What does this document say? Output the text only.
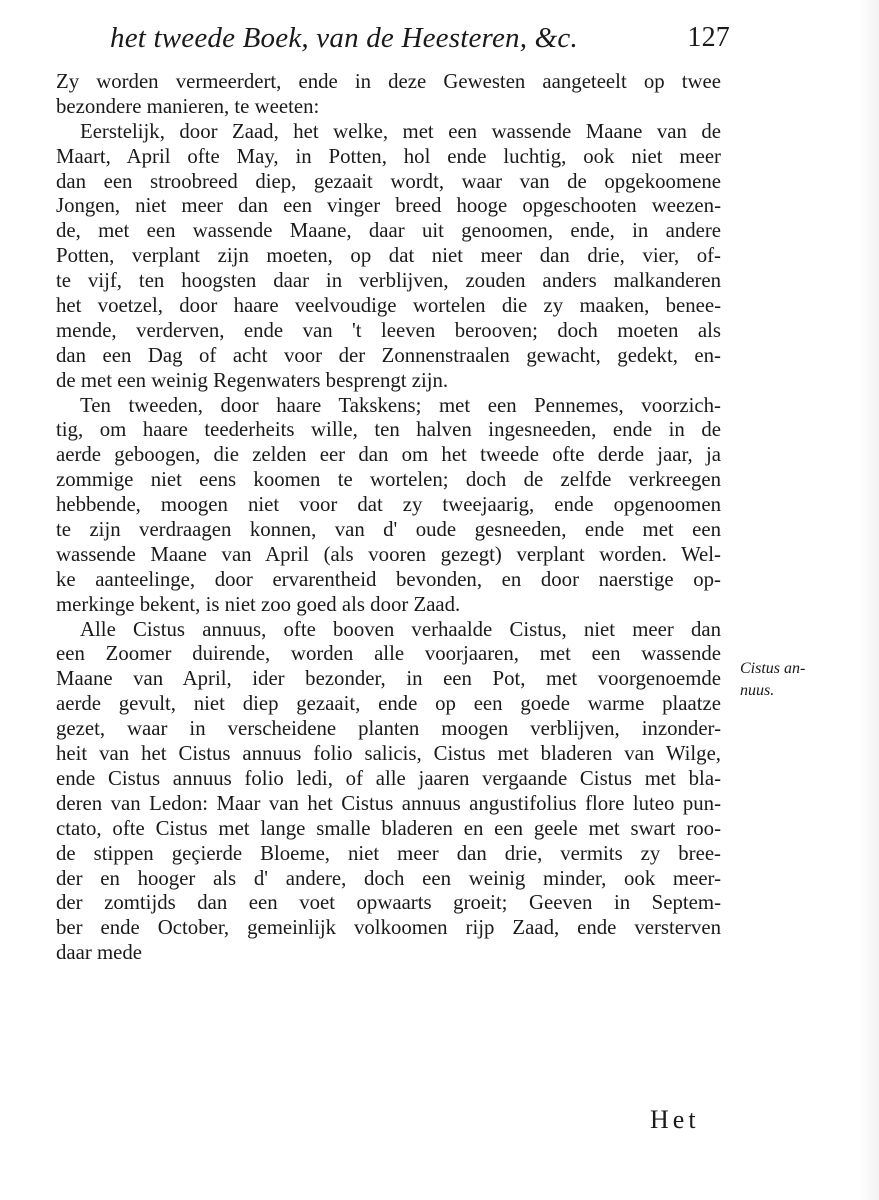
het tweede Boek, van de Heesteren, &c.	127
Zy worden vermeerdert, ende in deze Gewesten aangeteelt op twee
bezondere manieren, te weeten:
Eerstelijk, door Zaad, het welke, met een wassende Maane van de
Maart, April ofte May, in Potten, hol ende luchtig, ook niet meer
dan een stroobreed diep, gezaait wordt, waar van de opgekoomene
Jongen, niet meer dan een vinger breed hooge opgeschooten weezen-
de, met een wassende Maane, daar uit genoomen, ende, in andere
Potten, verplant zijn moeten, op dat niet meer dan drie, vier, of-
te vijf, ten hoogsten daar in verblijven, zouden anders malkanderen
het voetzel, door haare veelvoudige wortelen die zy maaken, benee-
mende, verderven, ende van 't leeven berooven; doch moeten als
dan een Dag of acht voor der Zonnenstraalen gewacht, gedekt, en-
de met een weinig Regenwaters besprengt zijn.
Ten tweeden, door haare Takskens; met een Pennemes, voorzich-
tig, om haare teederheits wille, ten halven ingesneeden, ende in de
aerde geboogen, die zelden eer dan om het tweede ofte derde jaar, ja
zommige niet eens koomen te wortelen; doch de zelfde verkreegen
hebbende, moogen niet voor dat zy tweejaarig, ende opgenoomen
te zijn verdraagen konnen, van d' oude gesneeden, ende met een
wassende Maane van April (als vooren gezegt) verplant worden. Wel-
ke aanteelinge, door ervarentheid bevonden, en door naerstige op-
merkinge bekent, is niet zoo goed als door Zaad.
Alle Cistus annuus, ofte booven verhaalde Cistus, niet meer dan
een Zoomer duirende, worden alle voorjaaren, met een wassende
Maane van April, ider bezonder, in een Pot, met voorgenoemde
aerde gevult, niet diep gezaait, ende op een goede warme plaatze
gezet, waar in verscheidene planten moogen verblijven, inzonder-
heit van het Cistus annuus folio salicis, Cistus met bladeren van Wilge,
ende Cistus annuus folio ledi, of alle jaaren vergaande Cistus met bla-
deren van Ledon: Maar van het Cistus annuus angustifolius flore luteo pun-
ctato, ofte Cistus met lange smalle bladeren en een geele met swart roo-
de stippen geçierde Bloeme, niet meer dan drie, vermits zy bree-
der en hooger als d' andere, doch een weinig minder, ook meer-
der zomtijds dan een voet opwaarts groeit; Geeven in Septem-
ber ende October, gemeinlijk volkoomen rijp Zaad, ende versterven
daar mede
Cistus an-
nuus.
Het
